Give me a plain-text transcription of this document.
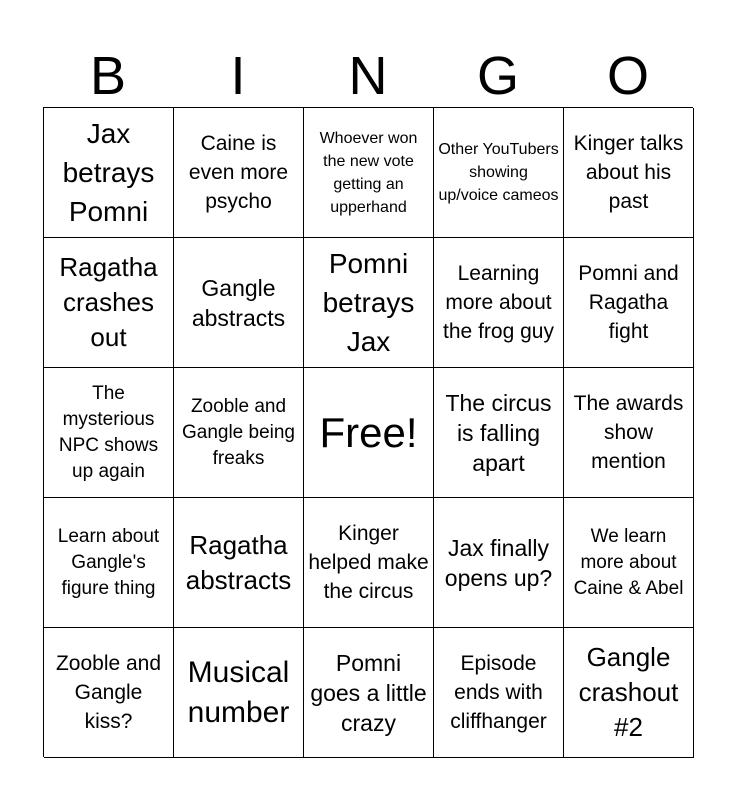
B	I	N	G	O
Jax betrays Pomni
Caine is even more psycho
Whoever won the new vote getting an upperhand
Other YouTubers showing up/voice cameos
Kinger talks about his past
Ragatha crashes out
Gangle abstracts
Pomni betrays Jax
Learning more about the frog guy
Pomni and Ragatha fight
The mysterious NPC shows up again
Zooble and Gangle being freaks
Free!
The circus is falling apart
The awards show mention
Learn about Gangle's figure thing
Ragatha abstracts
Kinger helped make the circus
Jax finally opens up?
We learn more about Caine & Abel
Zooble and Gangle kiss?
Musical number
Pomni goes a little crazy
Episode ends with cliffhanger
Gangle crashout #2
